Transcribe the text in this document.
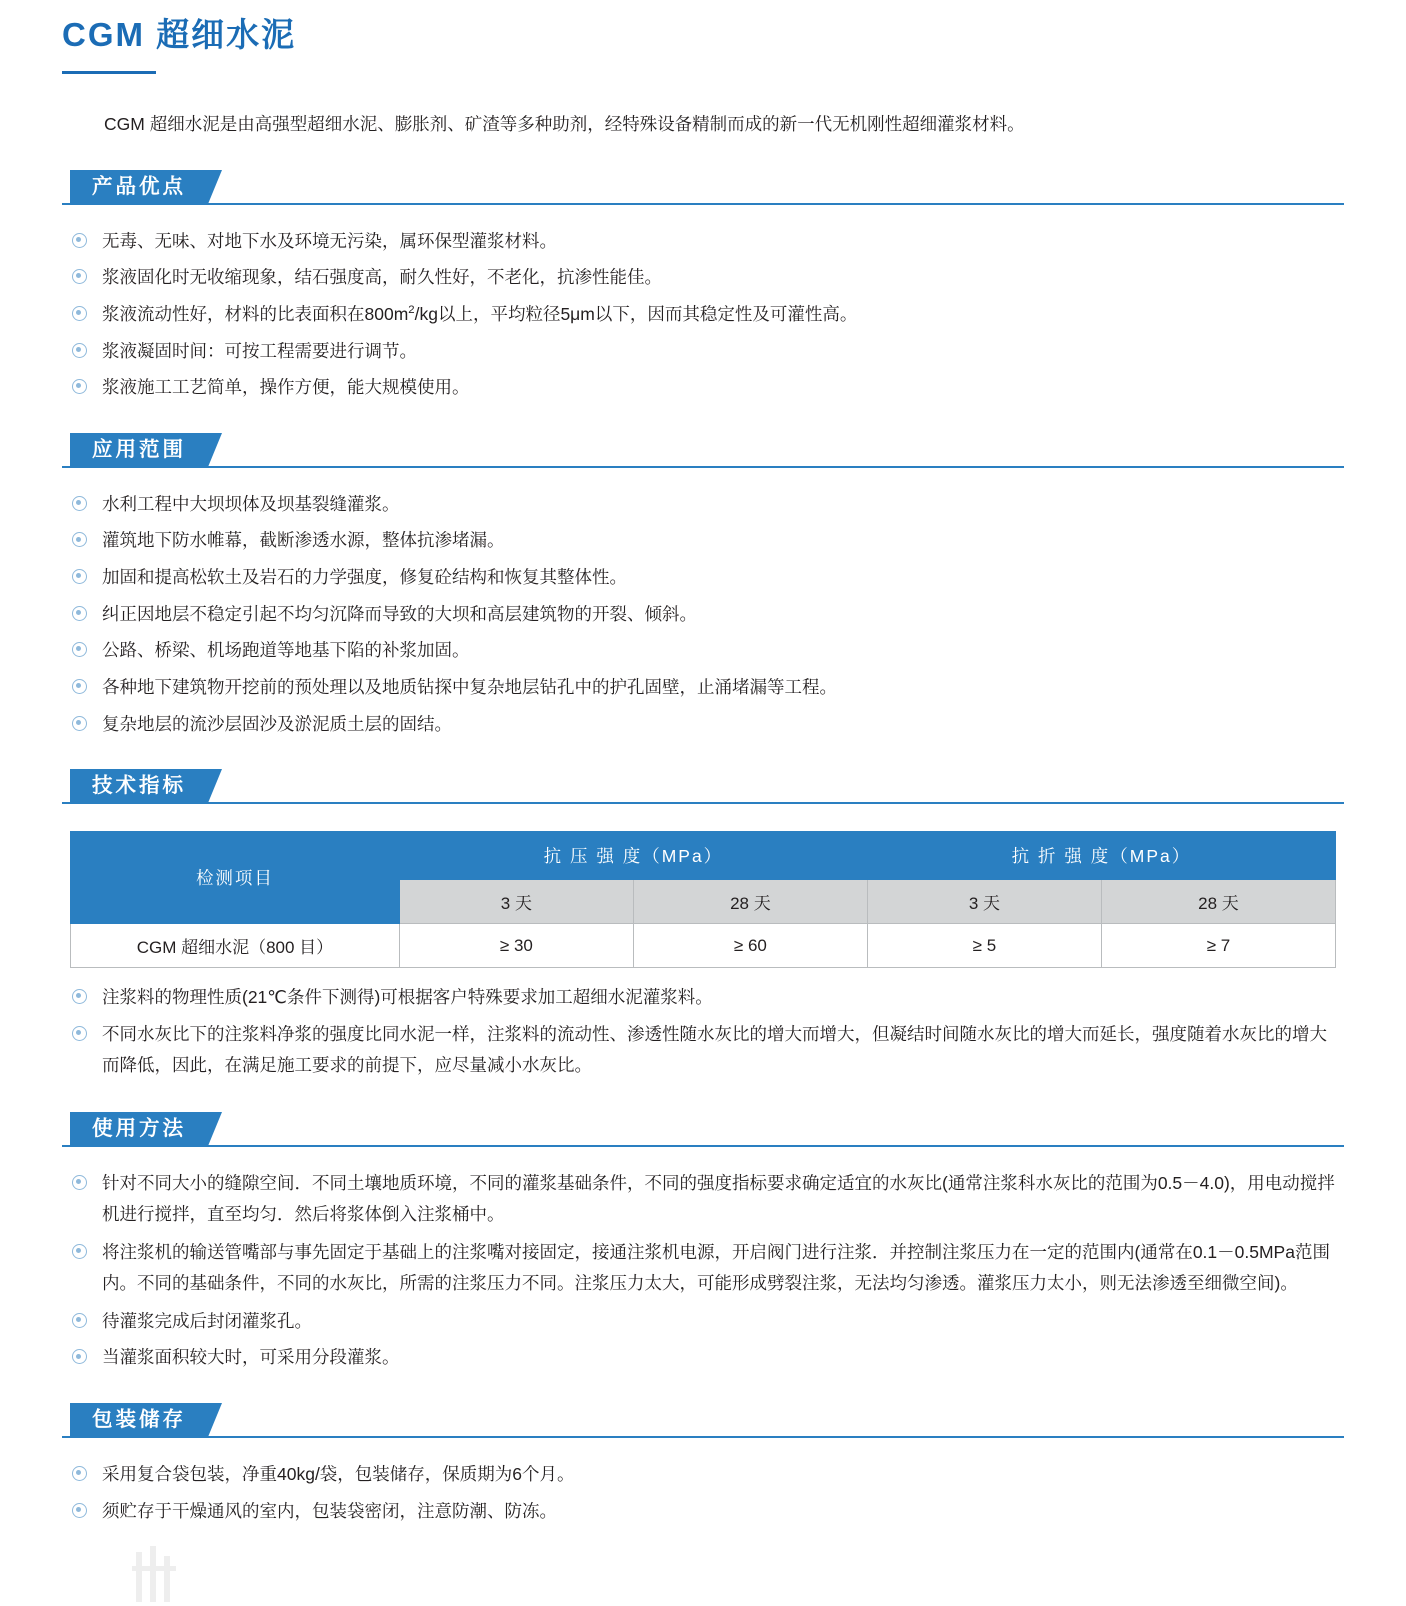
CGM 超细水泥

CGM 超细水泥是由高强型超细水泥、膨胀剂、矿渣等多种助剂，经特殊设备精制而成的新一代无机刚性超细灌浆材料。

产品优点
无毒、无味、对地下水及环境无污染，属环保型灌浆材料。
浆液固化时无收缩现象，结石强度高，耐久性好，不老化，抗渗性能佳。
浆液流动性好，材料的比表面积在$800m^2/kg$以上，平均粒径5μm以下，因而其稳定性及可灌性高。
浆液凝固时间：可按工程需要进行调节。
浆液施工工艺简单，操作方便，能大规模使用。
应用范围
水利工程中大坝坝体及坝基裂缝灌浆。
灌筑地下防水帷幕，截断渗透水源，整体抗渗堵漏。
加固和提高松软土及岩石的力学强度，修复砼结构和恢复其整体性。
纠正因地层不稳定引起不均匀沉降而导致的大坝和高层建筑物的开裂、倾斜。
公路、桥梁、机场跑道等地基下陷的补浆加固。
各种地下建筑物开挖前的预处理以及地质钻探中复杂地层钻孔中的护孔固壁，止涌堵漏等工程。
复杂地层的流沙层固沙及淤泥质土层的固结。
技术指标
检测项目	抗 压 强 度（MPa）		抗 折 强 度（MPa）	
	3 天	28 天	3 天	28 天
CGM 超细水泥（800 目）	≥ 30	≥ 60	≥ 5	≥ 7
注浆料的物理性质(21℃条件下测得)可根据客户特殊要求加工超细水泥灌浆料。
不同水灰比下的注浆料净浆的强度比同水泥一样，注浆料的流动性、渗透性随水灰比的增大而增大，但凝结时间随水灰比的增大而延长，强度随着水灰比的增大而降低，因此，在满足施工要求的前提下，应尽量减小水灰比。
使用方法
针对不同大小的缝隙空间．不同土壤地质环境，不同的灌浆基础条件，不同的强度指标要求确定适宜的水灰比(通常注浆科水灰比的范围为0.5－4.0)，用电动搅拌机进行搅拌，直至均匀．然后将浆体倒入注浆桶中。
将注浆机的输送管嘴部与事先固定于基础上的注浆嘴对接固定，接通注浆机电源，开启阀门进行注浆．并控制注浆压力在一定的范围内(通常在0.1－0.5MPa范围内。不同的基础条件，不同的水灰比，所需的注浆压力不同。注浆压力太大，可能形成劈裂注浆，无法均匀渗透。灌浆压力太小，则无法渗透至细微空间)。
待灌浆完成后封闭灌浆孔。
当灌浆面积较大时，可采用分段灌浆。
包装储存
采用复合袋包装，净重40kg/袋，包装储存，保质期为6个月。
须贮存于干燥通风的室内，包装袋密闭，注意防潮、防冻。
